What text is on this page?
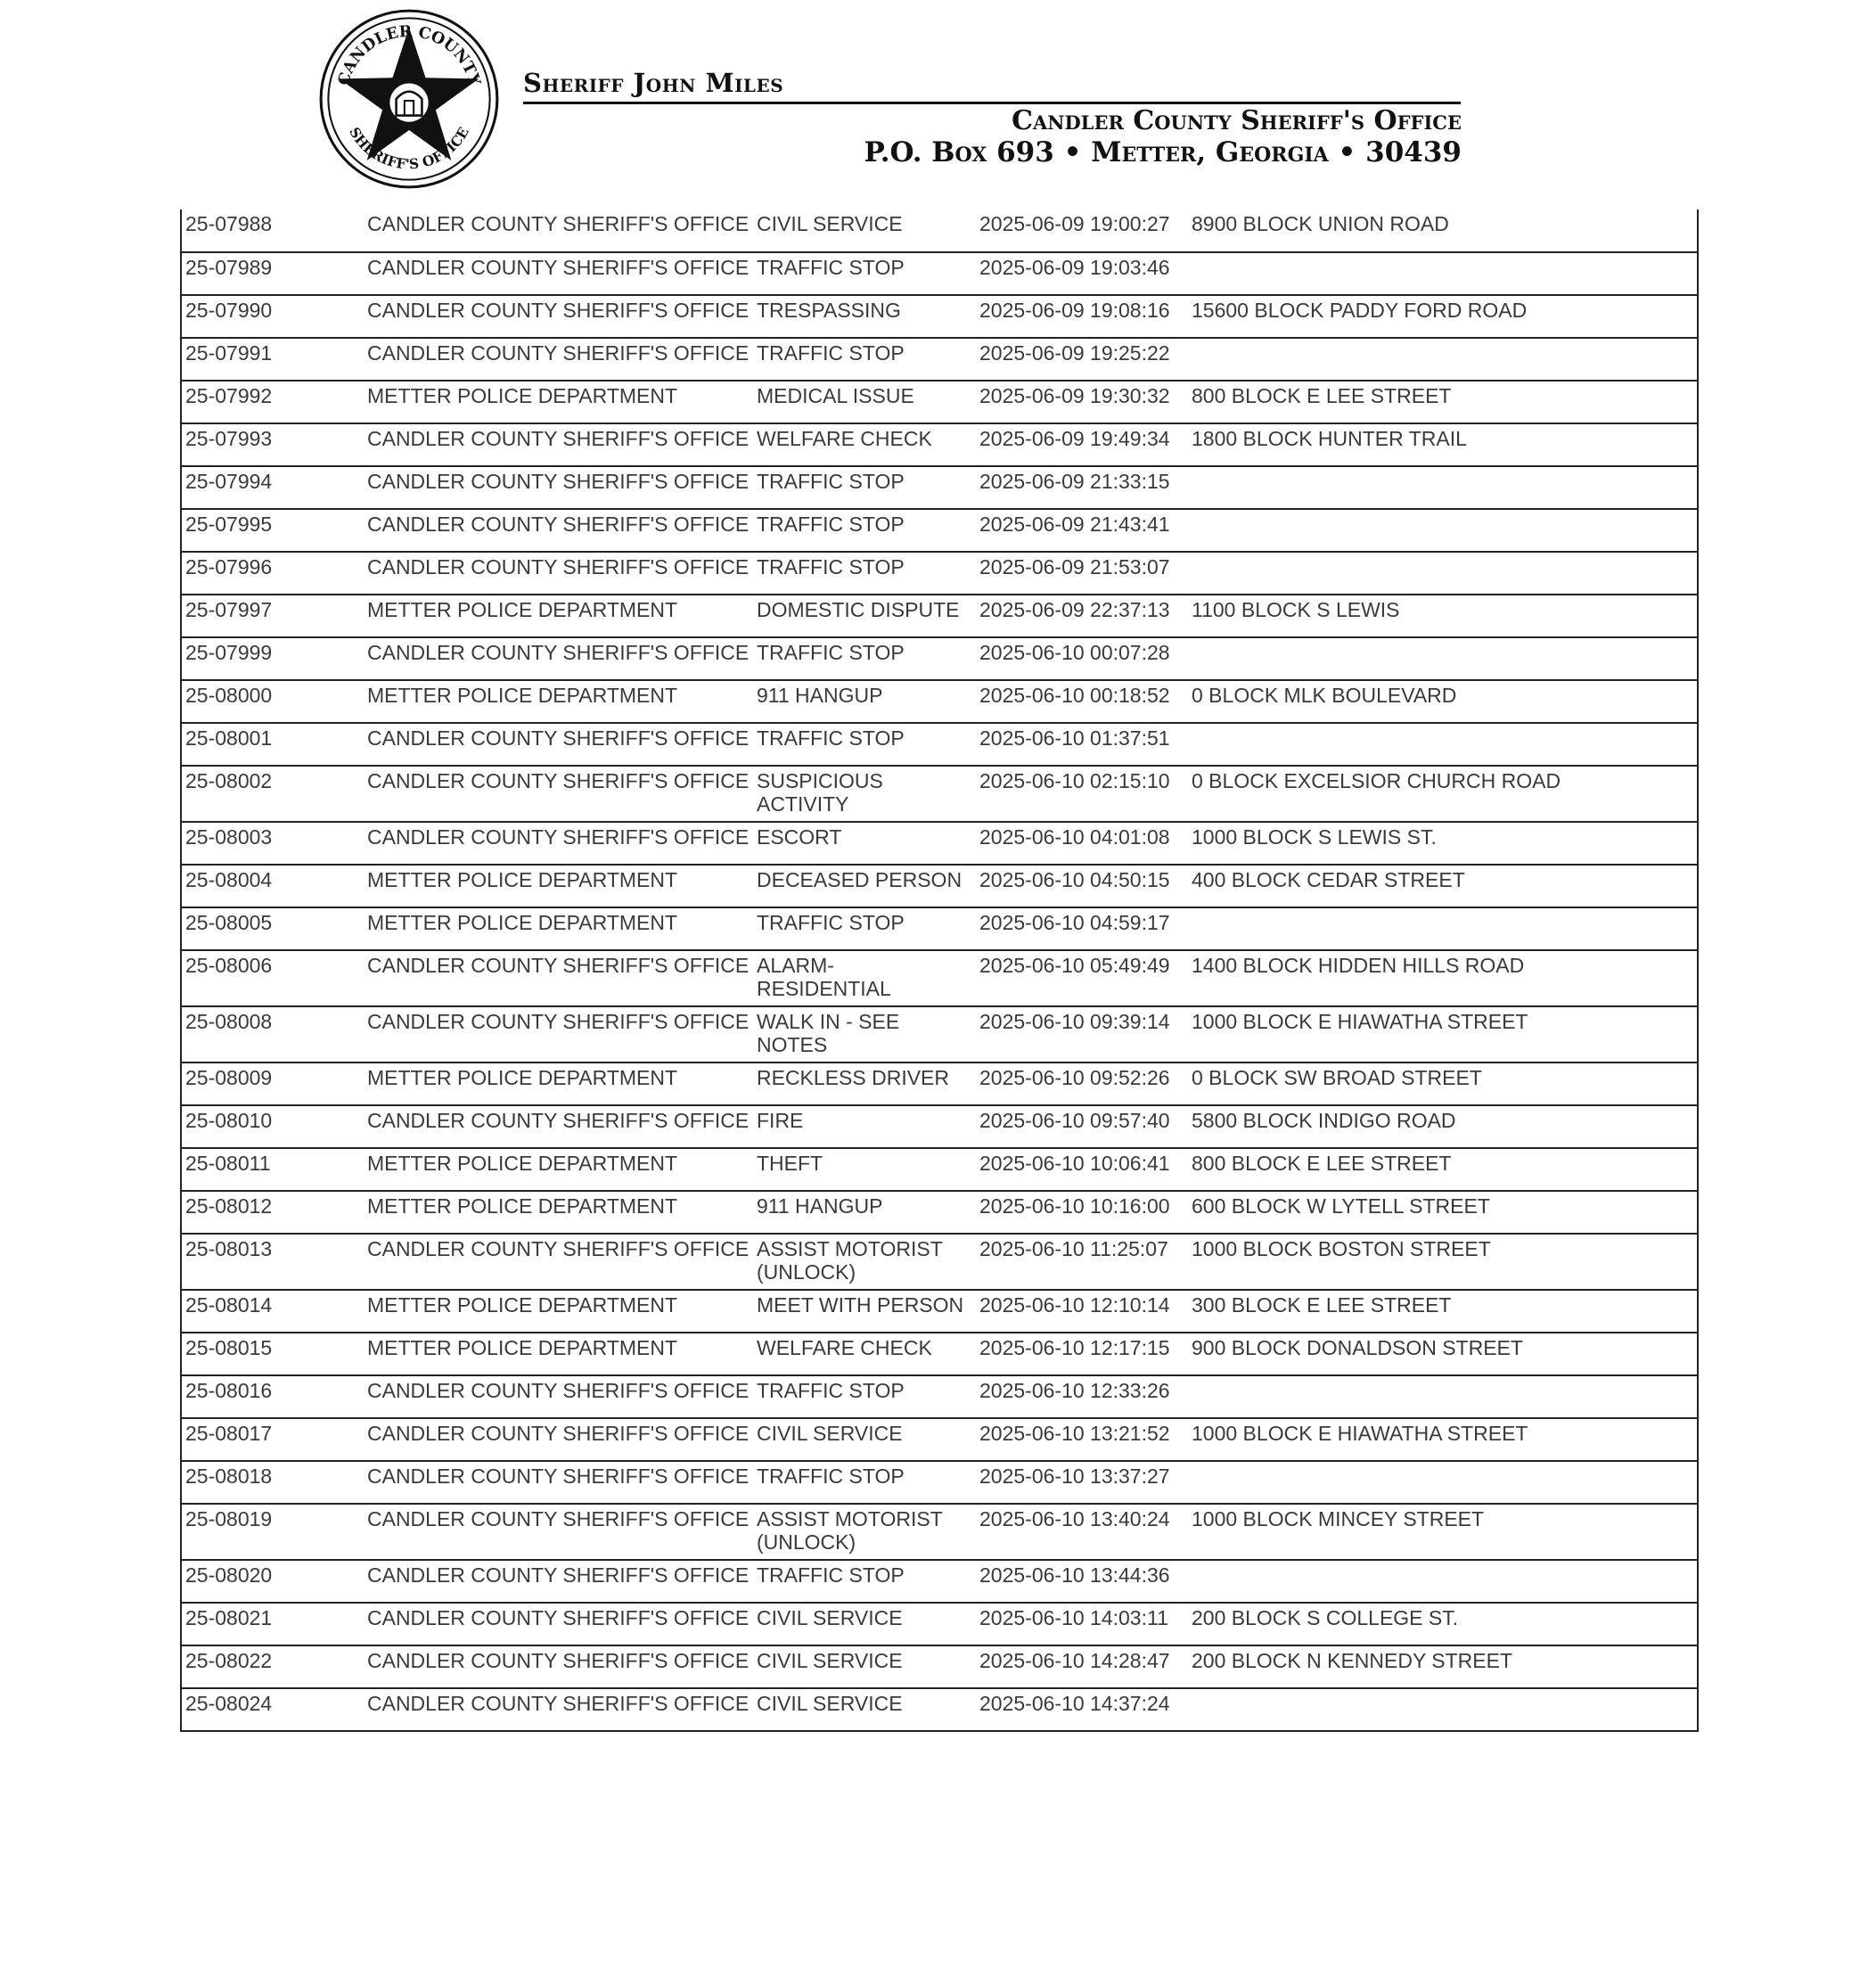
CANDLER COUNTY
SHERIFF'S OFFICE
Sheriff John Miles
Candler County Sheriff's Office
P.O. Box 693 • Metter, Georgia • 30439
25-07988	CANDLER COUNTY SHERIFF'S OFFICE	CIVIL SERVICE	2025-06-09 19:00:27	8900 BLOCK UNION ROAD
25-07989	CANDLER COUNTY SHERIFF'S OFFICE	TRAFFIC STOP	2025-06-09 19:03:46	
25-07990	CANDLER COUNTY SHERIFF'S OFFICE	TRESPASSING	2025-06-09 19:08:16	15600 BLOCK PADDY FORD ROAD
25-07991	CANDLER COUNTY SHERIFF'S OFFICE	TRAFFIC STOP	2025-06-09 19:25:22	
25-07992	METTER POLICE DEPARTMENT	MEDICAL ISSUE	2025-06-09 19:30:32	800 BLOCK E LEE STREET
25-07993	CANDLER COUNTY SHERIFF'S OFFICE	WELFARE CHECK	2025-06-09 19:49:34	1800 BLOCK HUNTER TRAIL
25-07994	CANDLER COUNTY SHERIFF'S OFFICE	TRAFFIC STOP	2025-06-09 21:33:15	
25-07995	CANDLER COUNTY SHERIFF'S OFFICE	TRAFFIC STOP	2025-06-09 21:43:41	
25-07996	CANDLER COUNTY SHERIFF'S OFFICE	TRAFFIC STOP	2025-06-09 21:53:07	
25-07997	METTER POLICE DEPARTMENT	DOMESTIC DISPUTE	2025-06-09 22:37:13	1100 BLOCK S LEWIS
25-07999	CANDLER COUNTY SHERIFF'S OFFICE	TRAFFIC STOP	2025-06-10 00:07:28	
25-08000	METTER POLICE DEPARTMENT	911 HANGUP	2025-06-10 00:18:52	0 BLOCK MLK BOULEVARD
25-08001	CANDLER COUNTY SHERIFF'S OFFICE	TRAFFIC STOP	2025-06-10 01:37:51	
25-08002	CANDLER COUNTY SHERIFF'S OFFICE	SUSPICIOUS ACTIVITY	2025-06-10 02:15:10	0 BLOCK EXCELSIOR CHURCH ROAD
25-08003	CANDLER COUNTY SHERIFF'S OFFICE	ESCORT	2025-06-10 04:01:08	1000 BLOCK S LEWIS ST.
25-08004	METTER POLICE DEPARTMENT	DECEASED PERSON	2025-06-10 04:50:15	400 BLOCK CEDAR STREET
25-08005	METTER POLICE DEPARTMENT	TRAFFIC STOP	2025-06-10 04:59:17	
25-08006	CANDLER COUNTY SHERIFF'S OFFICE	ALARM- RESIDENTIAL	2025-06-10 05:49:49	1400 BLOCK HIDDEN HILLS ROAD
25-08008	CANDLER COUNTY SHERIFF'S OFFICE	WALK IN - SEE NOTES	2025-06-10 09:39:14	1000 BLOCK E HIAWATHA STREET
25-08009	METTER POLICE DEPARTMENT	RECKLESS DRIVER	2025-06-10 09:52:26	0 BLOCK SW BROAD STREET
25-08010	CANDLER COUNTY SHERIFF'S OFFICE	FIRE	2025-06-10 09:57:40	5800 BLOCK INDIGO ROAD
25-08011	METTER POLICE DEPARTMENT	THEFT	2025-06-10 10:06:41	800 BLOCK E LEE STREET
25-08012	METTER POLICE DEPARTMENT	911 HANGUP	2025-06-10 10:16:00	600 BLOCK W LYTELL STREET
25-08013	CANDLER COUNTY SHERIFF'S OFFICE	ASSIST MOTORIST (UNLOCK)	2025-06-10 11:25:07	1000 BLOCK BOSTON STREET
25-08014	METTER POLICE DEPARTMENT	MEET WITH PERSON	2025-06-10 12:10:14	300 BLOCK E LEE STREET
25-08015	METTER POLICE DEPARTMENT	WELFARE CHECK	2025-06-10 12:17:15	900 BLOCK DONALDSON STREET
25-08016	CANDLER COUNTY SHERIFF'S OFFICE	TRAFFIC STOP	2025-06-10 12:33:26	
25-08017	CANDLER COUNTY SHERIFF'S OFFICE	CIVIL SERVICE	2025-06-10 13:21:52	1000 BLOCK E HIAWATHA STREET
25-08018	CANDLER COUNTY SHERIFF'S OFFICE	TRAFFIC STOP	2025-06-10 13:37:27	
25-08019	CANDLER COUNTY SHERIFF'S OFFICE	ASSIST MOTORIST (UNLOCK)	2025-06-10 13:40:24	1000 BLOCK MINCEY STREET
25-08020	CANDLER COUNTY SHERIFF'S OFFICE	TRAFFIC STOP	2025-06-10 13:44:36	
25-08021	CANDLER COUNTY SHERIFF'S OFFICE	CIVIL SERVICE	2025-06-10 14:03:11	200 BLOCK S COLLEGE ST.
25-08022	CANDLER COUNTY SHERIFF'S OFFICE	CIVIL SERVICE	2025-06-10 14:28:47	200 BLOCK N KENNEDY STREET
25-08024	CANDLER COUNTY SHERIFF'S OFFICE	CIVIL SERVICE	2025-06-10 14:37:24	
